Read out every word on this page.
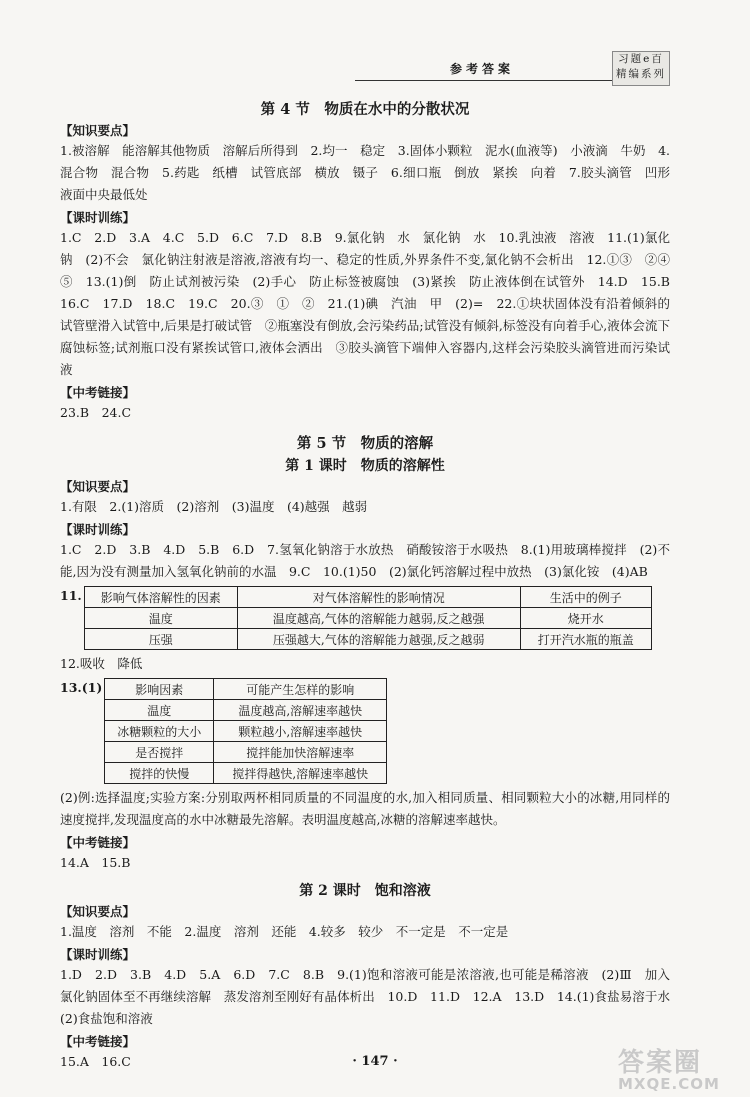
参考答案
习题e百
精编系列

第 4 节　物质在水中的分散状况

【知识要点】

1.被溶解　能溶解其他物质　溶解后所得到　2.均一　稳定　3.固体小颗粒　泥水(血液等)　小液滴　牛奶　4.混合物　混合物　5.药匙　纸槽　试管底部　横放　镊子　6.细口瓶　倒放　紧挨　向着　7.胶头滴管　凹形液面中央最低处

【课时训练】

1.C　2.D　3.A　4.C　5.D　6.C　7.D　8.B　9.氯化钠　水　氯化钠　水　10.乳浊液　溶液　11.(1)氯化钠　(2)不会　氯化钠注射液是溶液,溶液有均一、稳定的性质,外界条件不变,氯化钠不会析出　12.①③　②④　⑤　13.(1)倒　防止试剂被污染　(2)手心　防止标签被腐蚀　(3)紧挨　防止液体倒在试管外　14.D　15.B　16.C　17.D　18.C　19.C　20.③　①　②　21.(1)碘　汽油　甲　(2)=　22.①块状固体没有沿着倾斜的试管壁滑入试管中,后果是打破试管　②瓶塞没有倒放,会污染药品;试管没有倾斜,标签没有向着手心,液体会流下腐蚀标签;试剂瓶口没有紧挨试管口,液体会洒出　③胶头滴管下端伸入容器内,这样会污染胶头滴管进而污染试液

【中考链接】

23.B　24.C

第 5 节　物质的溶解

第 1 课时　物质的溶解性

【知识要点】

1.有限　2.(1)溶质　(2)溶剂　(3)温度　(4)越强　越弱

【课时训练】

1.C　2.D　3.B　4.D　5.B　6.D　7.氢氧化钠溶于水放热　硝酸铵溶于水吸热　8.(1)用玻璃棒搅拌　(2)不能,因为没有测量加入氢氧化钠前的水温　9.C　10.(1)50　(2)氯化钙溶解过程中放热　(3)氯化铵　(4)AB

11. 影响气体溶解性的因素	对气体溶解性的影响情况	生活中的例子
温度	温度越高,气体的溶解能力越弱,反之越强	烧开水
压强	压强越大,气体的溶解能力越强,反之越弱	打开汽水瓶的瓶盖

12.吸收　降低

13.(1)	影响因素	可能产生怎样的影响
温度	温度越高,溶解速率越快
冰糖颗粒的大小	颗粒越小,溶解速率越快
是否搅拌	搅拌能加快溶解速率
搅拌的快慢	搅拌得越快,溶解速率越快

(2)例:选择温度;实验方案:分别取两杯相同质量的不同温度的水,加入相同质量、相同颗粒大小的冰糖,用同样的速度搅拌,发现温度高的水中冰糖最先溶解。表明温度越高,冰糖的溶解速率越快。

【中考链接】

14.A　15.B

第 2 课时　饱和溶液

【知识要点】

1.温度　溶剂　不能　2.温度　溶剂　还能　4.较多　较少　不一定是　不一定是

【课时训练】

1.D　2.D　3.B　4.D　5.A　6.D　7.C　8.B　9.(1)饱和溶液可能是浓溶液,也可能是稀溶液　(2)Ⅲ　加入氯化钠固体至不再继续溶解　蒸发溶剂至刚好有晶体析出　10.D　11.D　12.A　13.D　14.(1)食盐易溶于水　(2)食盐饱和溶液

【中考链接】

15.A　16.C	· 147 ·	答案圈
MXQE.COM
